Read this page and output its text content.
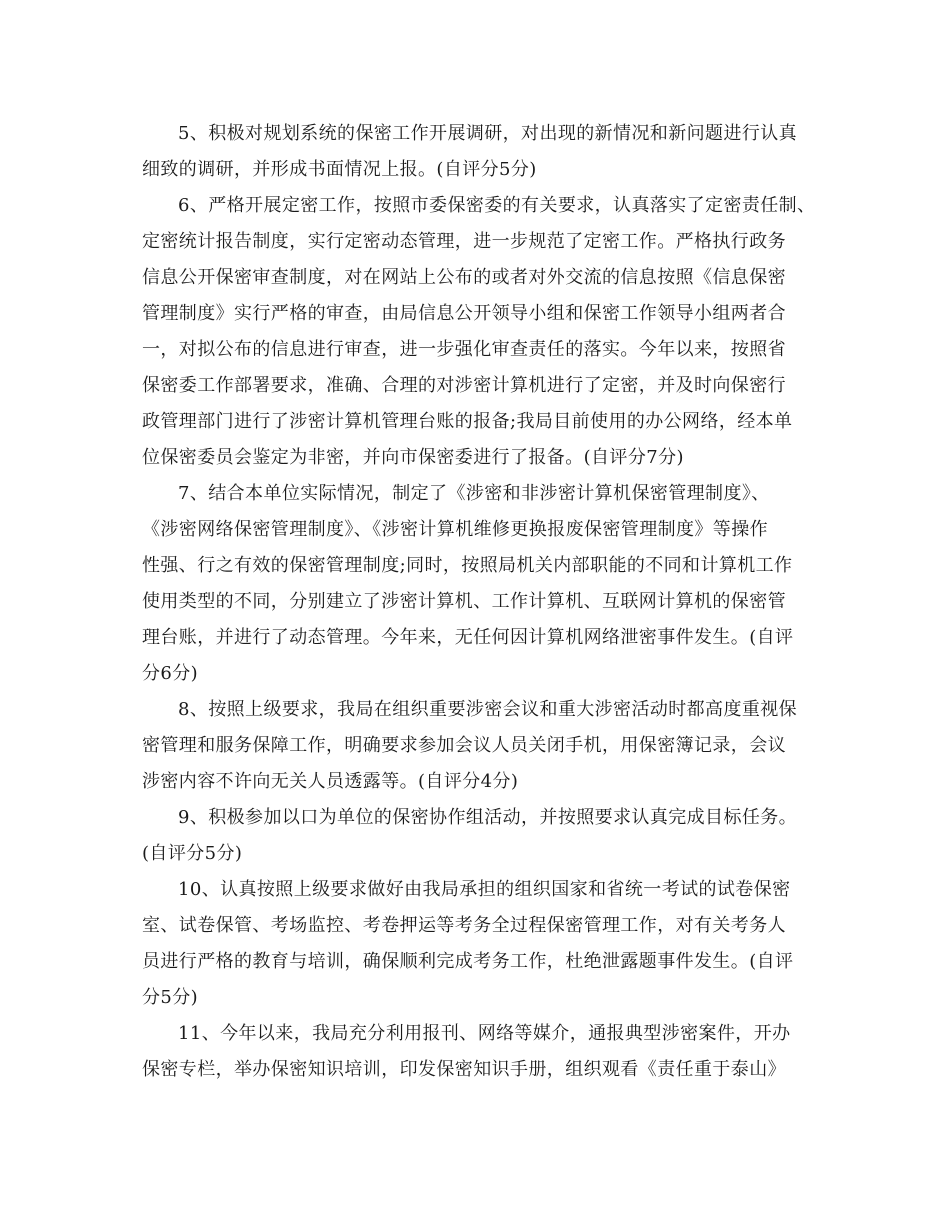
5、积极对规划系统的保密工作开展调研，对出现的新情况和新问题进行认真
细致的调研，并形成书面情况上报。(自评分5分)
6、严格开展定密工作，按照市委保密委的有关要求，认真落实了定密责任制、
定密统计报告制度，实行定密动态管理，进一步规范了定密工作。严格执行政务
信息公开保密审查制度，对在网站上公布的或者对外交流的信息按照《信息保密
管理制度》实行严格的审查，由局信息公开领导小组和保密工作领导小组两者合
一，对拟公布的信息进行审查，进一步强化审查责任的落实。今年以来，按照省
保密委工作部署要求，准确、合理的对涉密计算机进行了定密，并及时向保密行
政管理部门进行了涉密计算机管理台账的报备;我局目前使用的办公网络，经本单
位保密委员会鉴定为非密，并向市保密委进行了报备。(自评分7分)
7、结合本单位实际情况，制定了《涉密和非涉密计算机保密管理制度》、
《涉密网络保密管理制度》、《涉密计算机维修更换报废保密管理制度》等操作
性强、行之有效的保密管理制度;同时，按照局机关内部职能的不同和计算机工作
使用类型的不同，分别建立了涉密计算机、工作计算机、互联网计算机的保密管
理台账，并进行了动态管理。今年来，无任何因计算机网络泄密事件发生。(自评
分6分)
8、按照上级要求，我局在组织重要涉密会议和重大涉密活动时都高度重视保
密管理和服务保障工作，明确要求参加会议人员关闭手机，用保密簿记录，会议
涉密内容不许向无关人员透露等。(自评分4分)
9、积极参加以口为单位的保密协作组活动，并按照要求认真完成目标任务。
(自评分5分)
10、认真按照上级要求做好由我局承担的组织国家和省统一考试的试卷保密
室、试卷保管、考场监控、考卷押运等考务全过程保密管理工作，对有关考务人
员进行严格的教育与培训，确保顺利完成考务工作，杜绝泄露题事件发生。(自评
分5分)
11、今年以来，我局充分利用报刊、网络等媒介，通报典型涉密案件，开办
保密专栏，举办保密知识培训，印发保密知识手册，组织观看《责任重于泰山》
